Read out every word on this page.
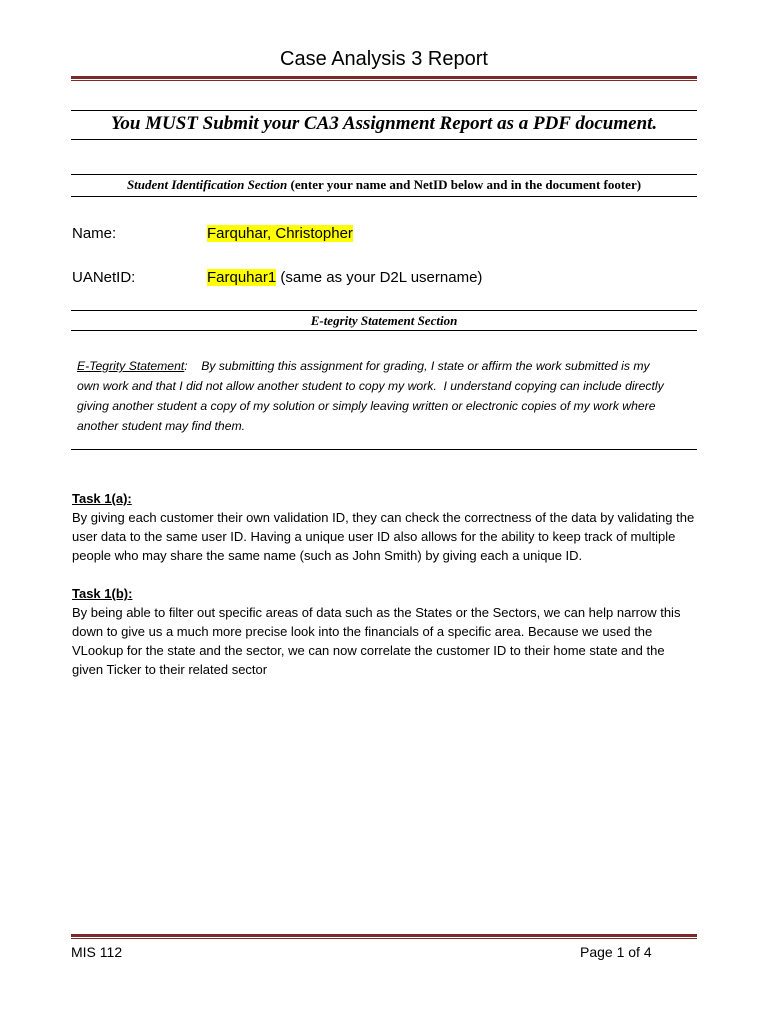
Case Analysis 3 Report
You MUST Submit your CA3 Assignment Report as a PDF document.
Student Identification Section (enter your name and NetID below and in the document footer)
Name:	Farquhar, Christopher
UANetID:	Farquhar1 (same as your D2L username)
E-tegrity Statement Section
E-Tegrity Statement:    By submitting this assignment for grading, I state or affirm the work submitted is my own work and that I did not allow another student to copy my work.  I understand copying can include directly giving another student a copy of my solution or simply leaving written or electronic copies of my work where another student may find them.
Task 1(a):
By giving each customer their own validation ID, they can check the correctness of the data by validating the user data to the same user ID. Having a unique user ID also allows for the ability to keep track of multiple people who may share the same name (such as John Smith) by giving each a unique ID.
Task 1(b):
By being able to filter out specific areas of data such as the States or the Sectors, we can help narrow this down to give us a much more precise look into the financials of a specific area. Because we used the VLookup for the state and the sector, we can now correlate the customer ID to their home state and the given Ticker to their related sector
MIS 112	Page 1 of 4
